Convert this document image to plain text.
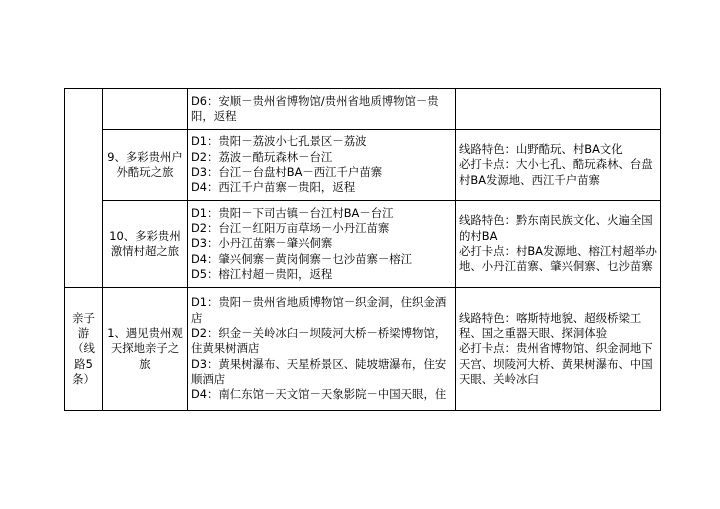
		D6：安顺－贵州省博物馆/贵州省地质博物馆－贵阳，返程	

	9、多彩贵州户外酷玩之旅	D1：贵阳－荔波小七孔景区－荔波
D2：荔波－酷玩森林－台江
D3：台江－台盘村BA－西江千户苗寨
D4：西江千户苗寨－贵阳，返程	线路特色：山野酷玩、村BA文化
必打卡点：大小七孔、酷玩森林、台盘村BA发源地、西江千户苗寨

	10、多彩贵州激情村超之旅	D1：贵阳－下司古镇－台江村BA－台江
D2：台江－红阳万亩草场－小丹江苗寨
D3：小丹江苗寨－肇兴侗寨
D4：肇兴侗寨－黄岗侗寨－乜沙苗寨－榕江
D5：榕江村超－贵阳，返程	线路特色：黔东南民族文化、火遍全国的村BA
必打卡点：村BA发源地、榕江村超举办地、小丹江苗寨、肇兴侗寨、乜沙苗寨

亲子游（线路5条）	1、遇见贵州观天探地亲子之旅	D1：贵阳－贵州省地质博物馆－织金洞，住织金酒店
D2：织金－关岭冰臼－坝陵河大桥－桥梁博物馆，住黄果树酒店
D3：黄果树瀑布、天星桥景区、陡坡塘瀑布，住安顺酒店
D4：南仁东馆－天文馆－天象影院－中国天眼，住	线路特色：喀斯特地貌、超级桥梁工程、国之重器天眼、探洞体验
必打卡点：贵州省博物馆、织金洞地下天宫、坝陵河大桥、黄果树瀑布、中国天眼、关岭冰臼
